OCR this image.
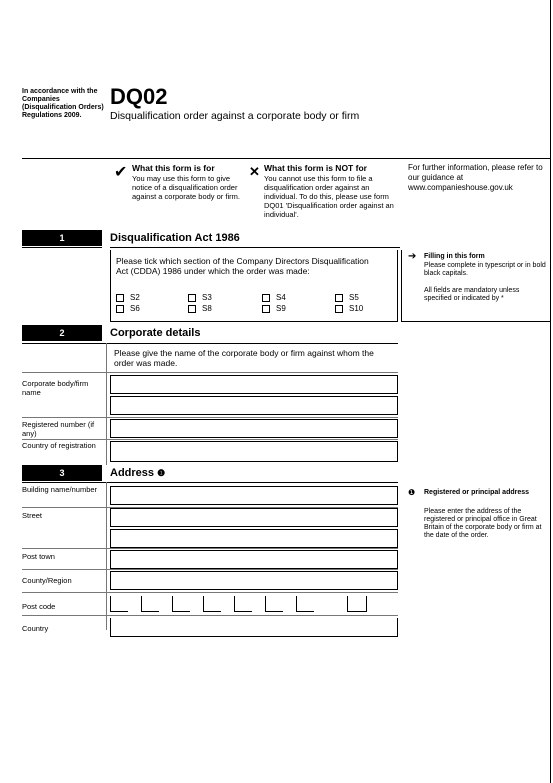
In accordance with the Companies (Disqualification Orders) Regulations 2009.
DQ02
Disqualification order against a corporate body or firm
✔ What this form is for
You may use this form to give notice of a disqualification order against a corporate body or firm.
✕ What this form is NOT for
You cannot use this form to file a disqualification order against an individual. To do this, please use form DQ01 'Disqualification order against an individual'.
For further information, please refer to our guidance at www.companieshouse.gov.uk
1	Disqualification Act 1986
Please tick which section of the Company Directors Disqualification Act (CDDA) 1986 under which the order was made:
S2	S3	S4	S5
S6	S8	S9	S10
➔ Filling in this form
Please complete in typescript or in bold black capitals.
All fields are mandatory unless specified or indicated by *
2	Corporate details
Please give the name of the corporate body or firm against whom the order was made.
Corporate body/firm name
Registered number (if any)
Country of registration
3	Address ❶
Building name/number
Street
Post town
County/Region
Post code
Country
❶ Registered or principal address
Please enter the address of the registered or principal office in Great Britain of the corporate body or firm at the date of the order.
